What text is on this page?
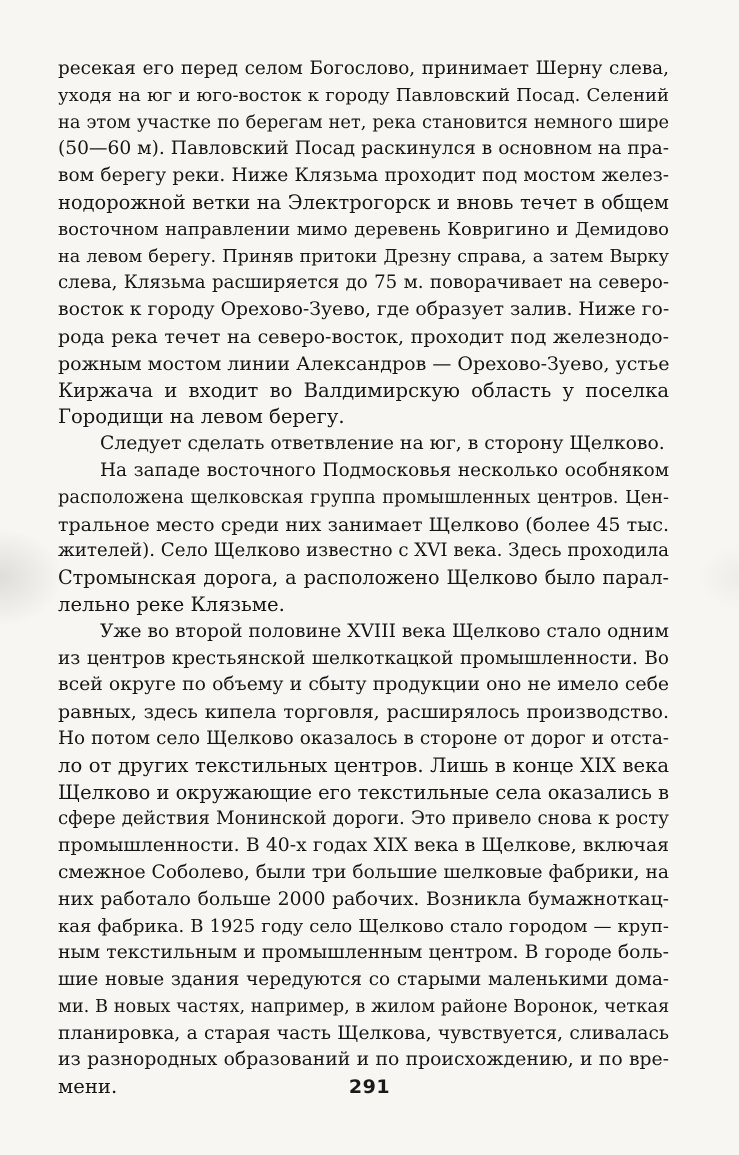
ресекая его перед селом Богослово, принимает Шерну слева,
уходя на юг и юго-восток к городу Павловский Посад. Селений
на этом участке по берегам нет, река становится немного шире
(50—60 м). Павловский Посад раскинулся в основном на пра-
вом берегу реки. Ниже Клязьма проходит под мостом желез-
нодорожной ветки на Электрогорск и вновь течет в общем
восточном направлении мимо деревень Ковригино и Демидово
на левом берегу. Приняв притоки Дрезну справа, а затем Вырку
слева, Клязьма расширяется до 75 м. поворачивает на северо-
восток к городу Орехово-Зуево, где образует залив. Ниже го-
рода река течет на северо-восток, проходит под железнодо-
рожным мостом линии Александров — Орехово-Зуево, устье
Киржача и входит во Валдимирскую область у поселка
Городищи на левом берегу.

Следует сделать ответвление на юг, в сторону Щелково.

На западе восточного Подмосковья несколько особняком
расположена щелковская группа промышленных центров. Цен-
тральное место среди них занимает Щелково (более 45 тыс.
жителей). Село Щелково известно с XVI века. Здесь проходила
Стромынская дорога, а расположено Щелково было парал-
лельно реке Клязьме.

Уже во второй половине XVIII века Щелково стало одним
из центров крестьянской шелкоткацкой промышленности. Во
всей округе по объему и сбыту продукции оно не имело себе
равных, здесь кипела торговля, расширялось производство.
Но потом село Щелково оказалось в стороне от дорог и отста-
ло от других текстильных центров. Лишь в конце XIX века
Щелково и окружающие его текстильные села оказались в
сфере действия Монинской дороги. Это привело снова к росту
промышленности. В 40-х годах XIX века в Щелкове, включая
смежное Соболево, были три большие шелковые фабрики, на
них работало больше 2000 рабочих. Возникла бумажноткац-
кая фабрика. В 1925 году село Щелково стало городом — круп-
ным текстильным и промышленным центром. В городе боль-
шие новые здания чередуются со старыми маленькими дома-
ми. В новых частях, например, в жилом районе Воронок, четкая
планировка, а старая часть Щелкова, чувствуется, сливалась
из разнородных образований и по происхождению, и по вре-
мени.	291
